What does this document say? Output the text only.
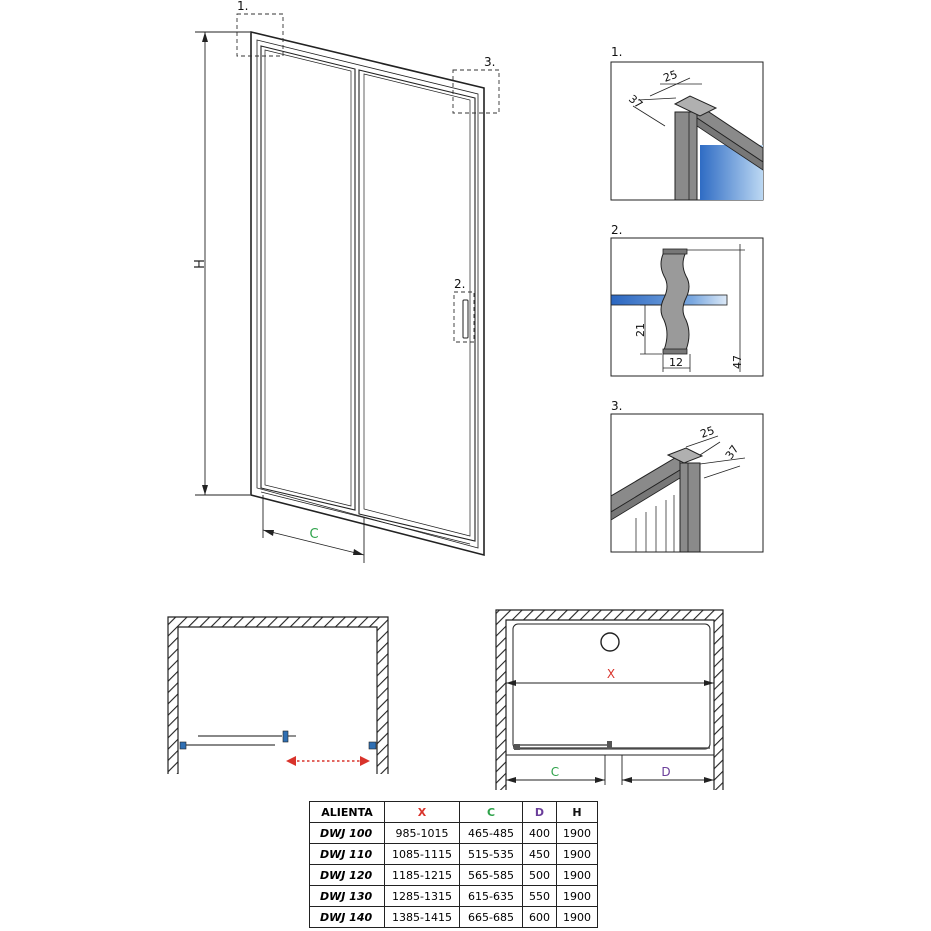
1.
3.
2.
H
C
1.
25
37
2.
21
12	47
3.
25
37
X
C	D
ALIENTA	X	C	D	H
DWJ 100	985-1015	465-485	400	1900
DWJ 110	1085-1115	515-535	450	1900
DWJ 120	1185-1215	565-585	500	1900
DWJ 130	1285-1315	615-635	550	1900
DWJ 140	1385-1415	665-685	600	1900
